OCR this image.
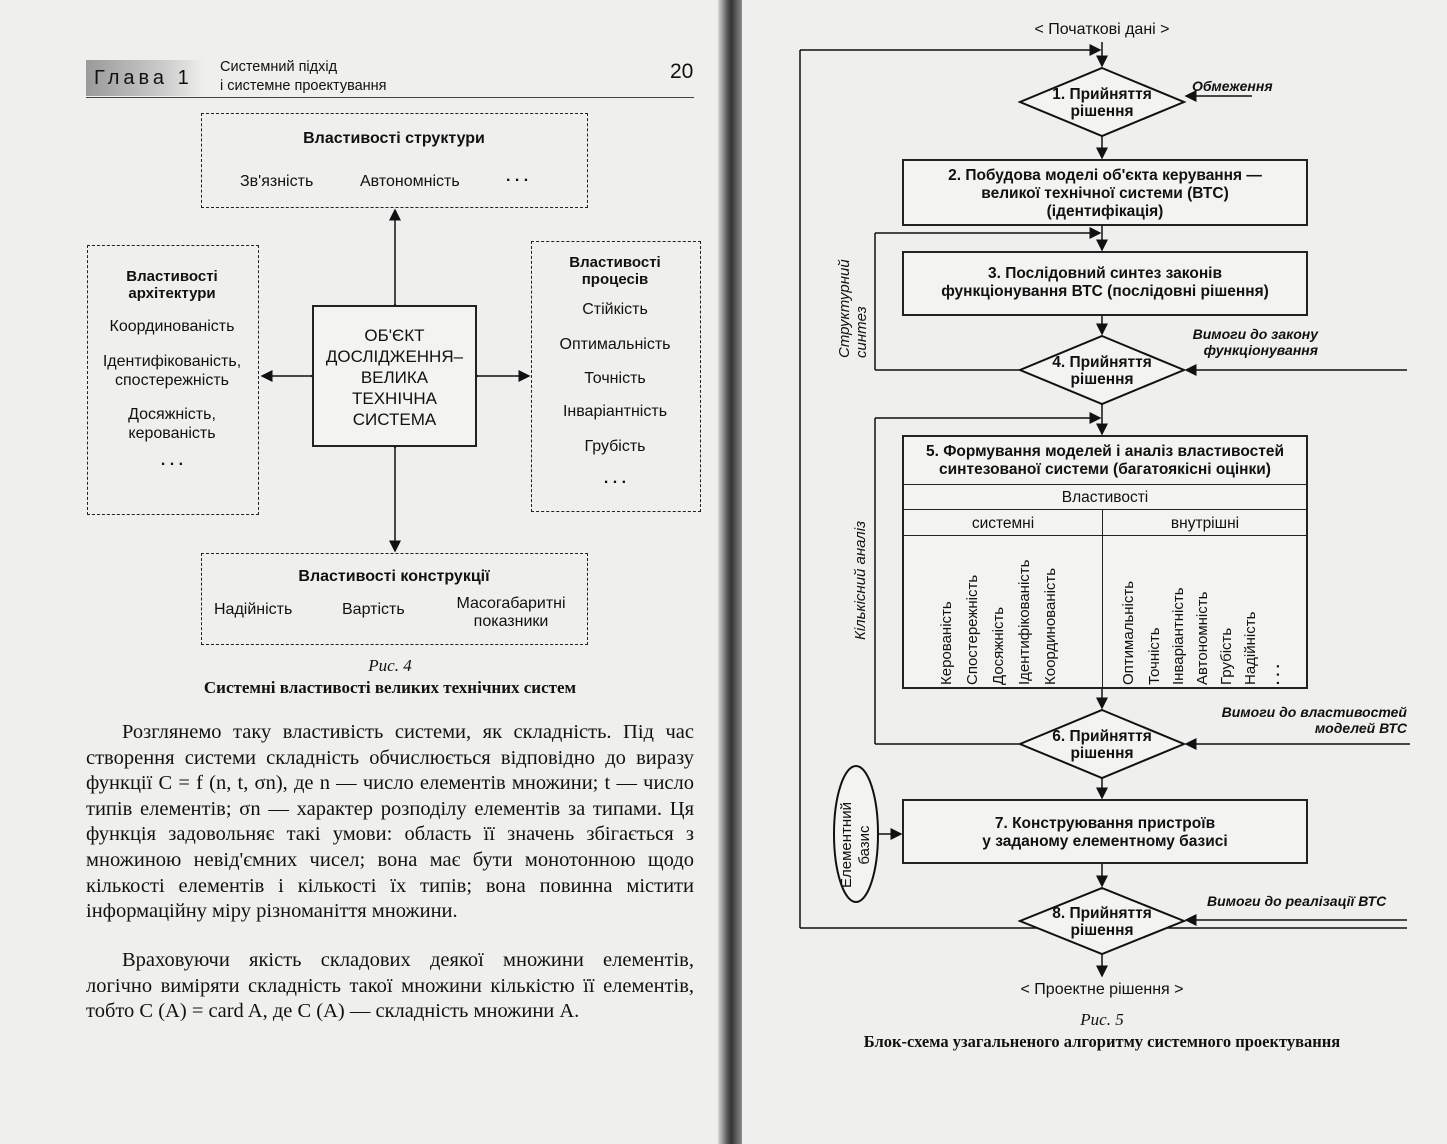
Глава 1	Системний підхід
і системне проектування
20
Властивості структури
Зв'язність	Автономність	. . .
Властивості
архітектури
Координованість
Ідентифікованість,
спостережність
Досяжність,
керованість
. . .
ОБ'ЄКТ
ДОСЛІДЖЕННЯ–
ВЕЛИКА
ТЕХНІЧНА
СИСТЕМА
Властивості
процесів
Стійкість
Оптимальність
Точність
Інваріантність
Грубість
. . .
Властивості конструкції
Надійність	Вартість	Масогабаритні
показники
Рис. 4
Системні властивості великих технічних систем
Розглянемо таку властивість системи, як складність. Під час створення системи складність обчислюється відповідно до виразу функції C = f (n, t, σn), де n — число елементів множини; t — число типів елементів; σn — характер розподілу елементів за типами. Ця функція задовольняє такі умови: область її значень збігається з множиною невід'ємних чисел; вона має бути монотонною щодо кількості елементів і кількості їх типів; вона повинна містити інформаційну міру різноманіття множини.
Враховуючи якість складових деякої множини елементів, логічно виміряти складність такої множини кількістю її елементів, тобто C (A) = card A, де C (A) — складність множини A.
< Початкові дані >
< Проектне рішення >
1. Прийняття
рішення
4. Прийняття
рішення
6. Прийняття
рішення
8. Прийняття
рішення
2. Побудова моделі об'єкта керування —
великої технічної системи (ВТС)
(ідентифікація)
3. Послідовний синтез законів
функціонування ВТС (послідовні рішення)
5. Формування моделей і аналіз властивостей
синтезованої системи (багатоякісні оцінки)
Властивості
системні	внутрішні
Керованість Спостережність Досяжність Ідентифікованість Координованість	Оптимальність Точність Інваріантність Автономність Грубість Надійність . . .
7. Конструювання пристроїв
у заданому елементному базисі
Обмеження
Вимоги до закону
функціонування
Вимоги до властивостей
моделей ВТС
Вимоги до реалізації ВТС
Структурний синтез
Кількісний аналіз
Елементний базис
Рис. 5
Блок-схема узагальненого алгоритму системного проектування
